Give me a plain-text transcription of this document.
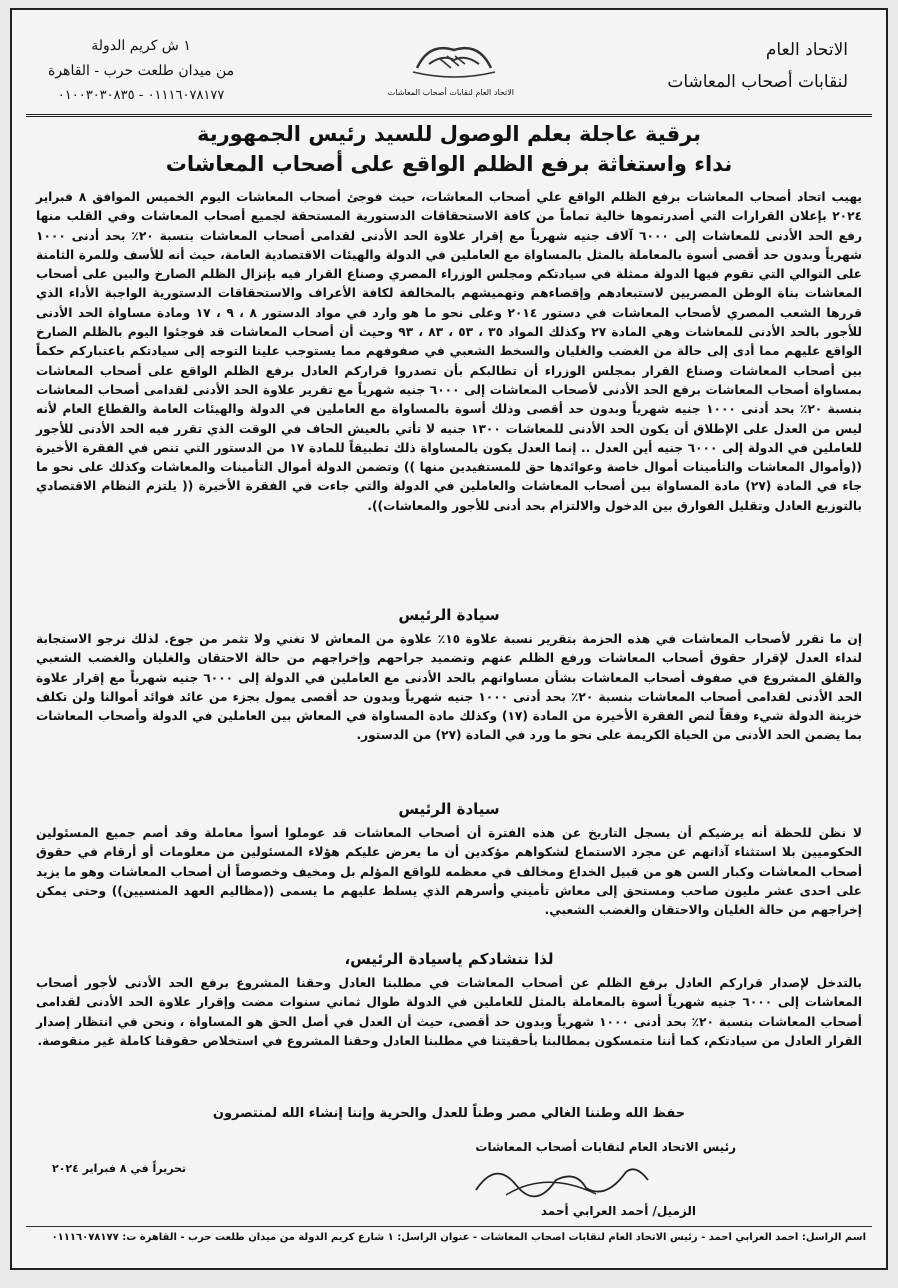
الاتحاد العام
لنقابات أصحاب المعاشات
الاتحاد العام لنقابات أصحاب المعاشات
١ ش كريم الدولة
من ميدان طلعت حرب - القاهرة
٠١١١٦٠٧٨١٧٧ - ٠١٠٠٣٠٣٠٨٣٥
برقية عاجلة بعلم الوصول للسيد رئيس الجمهورية
نداء واستغاثة برفع الظلم الواقع على أصحاب المعاشات
يهيب اتحاد أصحاب المعاشات برفع الظلم الواقع علي أصحاب المعاشات، حيث فوجئ أصحاب المعاشات اليوم الخميس الموافق ٨ فبراير ٢٠٢٤ بإعلان القرارات التي أصدرتموها خالية تماماً من كافة الاستحقاقات الدستورية المستحقة لجميع أصحاب المعاشات وفي القلب منها رفع الحد الأدنى للمعاشات إلى ٦٠٠٠ آلاف جنيه شهرياً مع إقرار علاوة الحد الأدنى لقدامى أصحاب المعاشات بنسبة ٢٠٪ بحد أدنى ١٠٠٠ شهرياً وبدون حد أقصى أسوة بالمعاملة بالمثل بالمساواة مع العاملين في الدولة والهيئات الاقتصادية العامة، حيث أنه للأسف وللمرة الثامنة على التوالي التي تقوم فيها الدولة ممثلة في سيادتكم ومجلس الوزراء المصري وصناع القرار فيه بإنزال الظلم الصارخ والبين على أصحاب المعاشات بناة الوطن المصريين لاستبعادهم وإقصاءهم وتهميشهم بالمخالفة لكافة الأعراف والاستحقاقات الدستورية الواجبة الأداء الذي قررها الشعب المصري لأصحاب المعاشات في دستور ٢٠١٤ وعلى نحو ما هو وارد في مواد الدستور ٨ ، ٩ ، ١٧ ومادة مساواة الحد الأدنى للأجور بالحد الأدنى للمعاشات وهي المادة ٢٧ وكذلك المواد ٣٥ ، ٥٣ ، ٨٣ ، ٩٣ وحيث أن أصحاب المعاشات قد فوجئوا اليوم بالظلم الصارخ الواقع عليهم مما أدى إلى حالة من الغضب والغليان والسخط الشعبي في صفوفهم مما يستوجب علينا التوجه إلى سيادتكم باعتباركم حكماً بين أصحاب المعاشات وصناع القرار بمجلس الوزراء أن تطالبكم بأن تصدروا قراركم العادل برفع الظلم الواقع على أصحاب المعاشات بمساواة أصحاب المعاشات برفع الحد الأدنى لأصحاب المعاشات إلى ٦٠٠٠ جنيه شهرياً مع تقرير علاوة الحد الأدنى لقدامى أصحاب المعاشات بنسبة ٢٠٪ بحد أدنى ١٠٠٠ جنيه شهرياً وبدون حد أقصى وذلك أسوة بالمساواة مع العاملين في الدولة والهيئات العامة والقطاع العام لأنه ليس من العدل على الإطلاق أن يكون الحد الأدنى للمعاشات ١٣٠٠ جنيه لا تأتي بالعيش الحاف في الوقت الذي تقرر فيه الحد الأدنى للأجور للعاملين في الدولة إلى ٦٠٠٠ جنيه أين العدل .. إنما العدل يكون بالمساواة ذلك تطبيقاً للمادة ١٧ من الدستور التي تنص في الفقرة الأخيرة ((وأموال المعاشات والتأمينات أموال خاصة وعوائدها حق للمستفيدين منها )) وتضمن الدولة أموال التأمينات والمعاشات وكذلك على نحو ما جاء في المادة (٢٧) مادة المساواة بين أصحاب المعاشات والعاملين في الدولة والتي جاءت في الفقرة الأخيرة (( يلتزم النظام الاقتصادي بالتوزيع العادل وتقليل الفوارق بين الدخول والالتزام بحد أدنى للأجور والمعاشات)).
سيادة الرئيس
إن ما تقرر لأصحاب المعاشات في هذه الحزمة بتقرير نسبة علاوة ١٥٪ علاوة من المعاش لا تغني ولا تثمر من جوع. لذلك نرجو الاستجابة لنداء العدل لإقرار حقوق أصحاب المعاشات ورفع الظلم عنهم وتضميد جراحهم وإخراجهم من حالة الاحتقان والغليان والغضب الشعبي والقلق المشروع في صفوف أصحاب المعاشات بشأن مساواتهم بالحد الأدنى مع العاملين في الدولة إلى ٦٠٠٠ جنيه شهرياً مع إقرار علاوة الحد الأدنى لقدامى أصحاب المعاشات بنسبة ٢٠٪ بحد أدنى ١٠٠٠ جنيه شهرياً وبدون حد أقصى يمول بجزء من عائد فوائد أموالنا ولن تكلف خزينة الدولة شيء وفقاً لنص الفقرة الأخيرة من المادة (١٧) وكذلك مادة المساواة في المعاش بين العاملين في الدولة وأصحاب المعاشات بما يضمن الحد الأدنى من الحياة الكريمة على نحو ما ورد في المادة (٢٧) من الدستور.
سيادة الرئيس
لا نظن للحظة أنه يرضيكم أن يسجل التاريخ عن هذه الفترة أن أصحاب المعاشات قد عوملوا أسوأ معاملة وقد أصم جميع المسئولين الحكوميين بلا استثناء آذانهم عن مجرد الاستماع لشكواهم مؤكدين أن ما يعرض عليكم هؤلاء المسئولين من معلومات أو أرقام في حقوق أصحاب المعاشات وكبار السن هو من قبيل الخداع ومخالف في معظمه للواقع المؤلم بل ومخيف وخصوصاً أن أصحاب المعاشات وهو ما يزيد على احدى عشر مليون صاحب ومستحق إلى معاش تأميني وأسرهم الذي يسلط عليهم ما يسمى ((مظاليم العهد المنسيين)) وحتى يمكن إخراجهم من حالة الغليان والاحتقان والغضب الشعبي.
لذا ننشادكم ياسيادة الرئيس،
بالتدخل لإصدار قراركم العادل برفع الظلم عن أصحاب المعاشات في مطلبنا العادل وحقنا المشروع برفع الحد الأدنى لأجور أصحاب المعاشات إلى ٦٠٠٠ جنيه شهرياً أسوة بالمعاملة بالمثل للعاملين في الدولة طوال ثماني سنوات مضت وإقرار علاوة الحد الأدنى لقدامى أصحاب المعاشات بنسبة ٢٠٪ بحد أدنى ١٠٠٠ شهرياً وبدون حد أقصى، حيث أن العدل في أصل الحق هو المساواة ، ونحن في انتظار إصدار القرار العادل من سيادتكم، كما أننا متمسكون بمطالبنا بأحقيتنا في مطلبنا العادل وحقنا المشروع في استخلاص حقوقنا كاملة غير منقوصة.
حفظ الله وطننا الغالي مصر وطناً للعدل والحرية وإننا إنشاء الله لمنتصرون
رئيس الاتحاد العام لنقابات أصحاب المعاشات
الزميل/ أحمد العرابي أحمد
تحريراً في ٨ فبراير ٢٠٢٤
اسم الراسل: أحمد العرابي أحمد - رئيس الاتحاد العام لنقابات أصحاب المعاشات - عنوان الراسل: ١ شارع كريم الدولة من ميدان طلعت حرب - القاهرة ت: ٠١١١٦٠٧٨١٧٧
